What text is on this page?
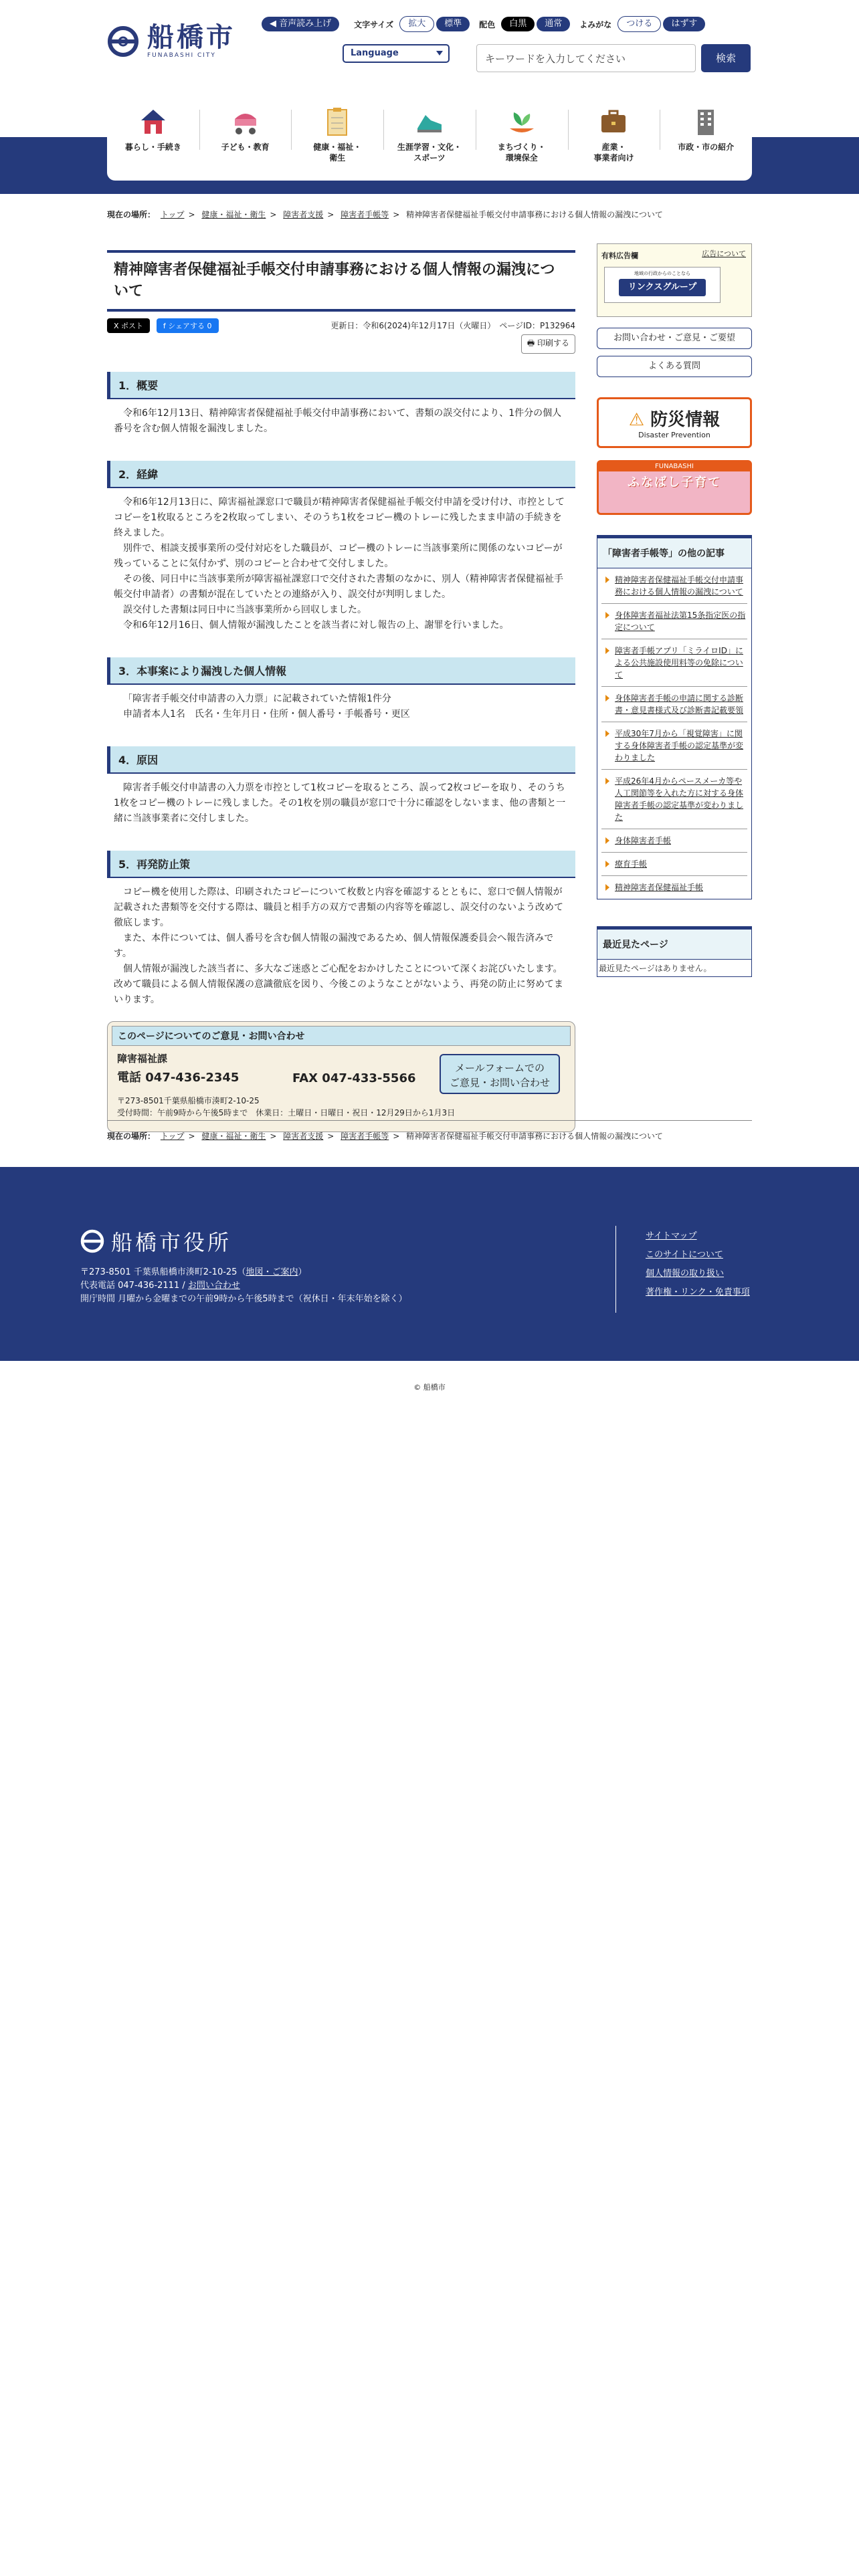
船橋市
FUNABASHI CITY
◀ 音声読み上げ	文字サイズ	拡大	標準	配色	白黒	通常	よみがな	つける	はずす
Language	キーワードを入力してください	検索
暮らし・手続き	子ども・教育	健康・福祉・
衛生
生涯学習・文化・
スポーツ
まちづくり・
環境保全
産業・
事業者向け
市政・市の紹介
現在の場所： トップ > 健康・福祉・衛生 > 障害者支援 > 障害者手帳等 > 精神障害者保健福祉手帳交付申請事務における個人情報の漏洩について
精神障害者保健福祉手帳交付申請事務における個人情報の漏洩について
X ポスト	f シェアする 0	更新日：令和6(2024)年12月17日（火曜日）　 ページID：P132964
🖶 印刷する
1．概要

令和6年12月13日、精神障害者保健福祉手帳交付申請事務において、書類の誤交付により、1件分の個人番号を含む個人情報を漏洩しました。

2．経緯

令和6年12月13日に、障害福祉課窓口で職員が精神障害者保健福祉手帳交付申請を受け付け、市控としてコピーを1枚取るところを2枚取ってしまい、そのうち1枚をコピー機のトレーに残したまま申請の手続きを終えました。

別件で、相談支援事業所の受付対応をした職員が、コピー機のトレーに当該事業所に関係のないコピーが残っていることに気付かず、別のコピーと合わせて交付しました。

その後、同日中に当該事業所が障害福祉課窓口で交付された書類のなかに、別人（精神障害者保健福祉手帳交付申請者）の書類が混在していたとの連絡が入り、誤交付が判明しました。

誤交付した書類は同日中に当該事業所から回収しました。

令和6年12月16日、個人情報が漏洩したことを該当者に対し報告の上、謝罪を行いました。

3．本事案により漏洩した個人情報

「障害者手帳交付申請書の入力票」に記載されていた情報1件分

申請者本人1名　氏名・生年月日・住所・個人番号・手帳番号・更区

4．原因

障害者手帳交付申請書の入力票を市控として1枚コピーを取るところ、誤って2枚コピーを取り、そのうち1枚をコピー機のトレーに残しました。その1枚を別の職員が窓口で十分に確認をしないまま、他の書類と一緒に当該事業者に交付しました。

5．再発防止策

コピー機を使用した際は、印刷されたコピーについて枚数と内容を確認するとともに、窓口で個人情報が記載された書類等を交付する際は、職員と相手方の双方で書類の内容等を確認し、誤交付のないよう改めて徹底します。

また、本件については、個人番号を含む個人情報の漏洩であるため、個人情報保護委員会へ報告済みです。

個人情報が漏洩した該当者に、多大なご迷惑とご心配をおかけしたことについて深くお詫びいたします。改めて職員による個人情報保護の意識徹底を図り、今後このようなことがないよう、再発の防止に努めてまいります。

このページについてのご意見・お問い合わせ
障害福祉課
電話 047-436-2345	FAX 047-433-5566
〒273-8501千葉県船橋市湊町2-10-25
受付時間：午前9時から午後5時まで　休業日：土曜日・日曜日・祝日・12月29日から1月3日
メールフォームでの
ご意見・お問い合わせ
有料広告欄	広告について
地域の行政からのことなら
リンクスグループ
お問い合わせ・ご意見・ご要望
よくある質問
⚠ 防災情報
Disaster Prevention
FUNABASHI
ふなばし子育て
「障害者手帳等」の他の記事
精神障害者保健福祉手帳交付申請事務における個人情報の漏洩について
身体障害者福祉法第15条指定医の指定について
障害者手帳アプリ「ミライロID」による公共施設使用料等の免除について
身体障害者手帳の申請に関する診断書・意見書様式及び診断書記載要領
平成30年7月から「視覚障害」に関する身体障害者手帳の認定基準が変わりました
平成26年4月からペースメーカ等や人工関節等を入れた方に対する身体障害者手帳の認定基準が変わりました
身体障害者手帳
療育手帳
精神障害者保健福祉手帳
最近見たページ
最近見たページはありません。
現在の場所： トップ > 健康・福祉・衛生 > 障害者支援 > 障害者手帳等 > 精神障害者保健福祉手帳交付申請事務における個人情報の漏洩について
船橋市役所
〒273-8501 千葉県船橋市湊町2-10-25（地図・ご案内）
代表電話 047-436-2111 / お問い合わせ
開庁時間 月曜から金曜までの午前9時から午後5時まで（祝休日・年末年始を除く）
サイトマップ
このサイトについて
個人情報の取り扱い
著作権・リンク・免責事項
© 船橋市
